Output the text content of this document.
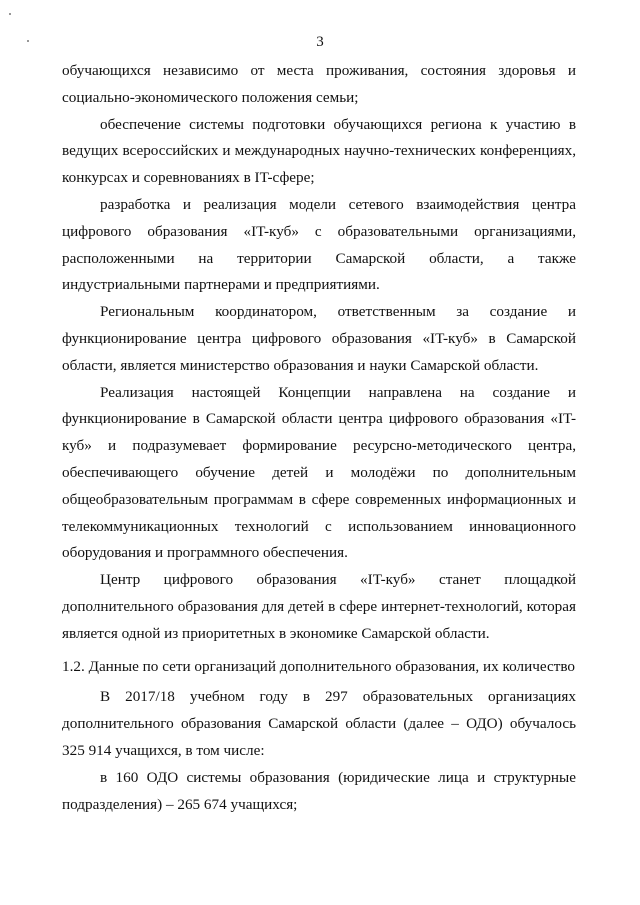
3

обучающихся независимо от места проживания, состояния здоровья и социально-экономического положения семьи;

обеспечение системы подготовки обучающихся региона к участию в ведущих всероссийских и международных научно-технических конференциях, конкурсах и соревнованиях в IT-сфере;

разработка и реализация модели сетевого взаимодействия центра цифрового образования «IT-куб» с образовательными организациями, расположенными на территории Самарской области, а также индустриальными партнерами и предприятиями.

Региональным координатором, ответственным за создание и функционирование центра цифрового образования «IT-куб» в Самарской области, является министерство образования и науки Самарской области.

Реализация настоящей Концепции направлена на создание и функционирование в Самарской области центра цифрового образования «IT-куб» и подразумевает формирование ресурсно-методического центра, обеспечивающего обучение детей и молодёжи по дополнительным общеобразовательным программам в сфере современных информационных и телекоммуникационных технологий с использованием инновационного оборудования и программного обеспечения.

Центр цифрового образования «IT-куб» станет площадкой дополнительного образования для детей в сфере интернет-технологий, которая является одной из приоритетных в экономике Самарской области.

1.2. Данные по сети организаций дополнительного образования, их количество

В 2017/18 учебном году в 297 образовательных организациях дополнительного образования Самарской области (далее – ОДО) обучалось 325 914 учащихся, в том числе:

в 160 ОДО системы образования (юридические лица и структурные подразделения) – 265 674 учащихся;
